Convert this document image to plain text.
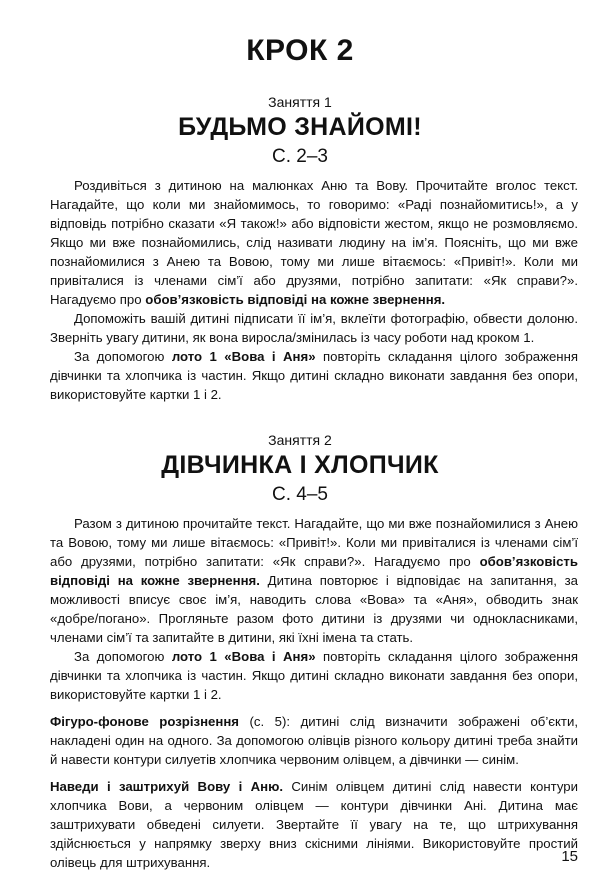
КРОК 2
Заняття 1
БУДЬМО ЗНАЙОМІ!
С. 2–3

Роздивіться з дитиною на малюнках Аню та Вову. Прочитайте вголос текст. Нагадайте, що коли ми знайомимось, то говоримо: «Раді познайомитись!», а у відповідь потрібно сказати «Я також!» або відповісти жестом, якщо не розмовляємо. Якщо ми вже познайомились, слід називати людину на ім’я. Поясніть, що ми вже познайомилися з Анею та Вовою, тому ми лише вітаємось: «Привіт!». Коли ми привіталися із членами сім’ї або друзями, потрібно запитати: «Як справи?». Нагадуємо про обов’язковість відповіді на кожне звернення.

Допоможіть вашій дитині підписати її ім’я, вклеїти фотографію, обвести долоню. Зверніть увагу дитини, як вона виросла/змінилась із часу роботи над кроком 1.

За допомогою лото 1 «Вова і Аня» повторіть складання цілого зображення дівчинки та хлопчика із частин. Якщо дитині складно виконати завдання без опори, використовуйте картки 1 і 2.

Заняття 2
ДІВЧИНКА І ХЛОПЧИК
С. 4–5

Разом з дитиною прочитайте текст. Нагадайте, що ми вже познайомилися з Анею та Вовою, тому ми лише вітаємось: «Привіт!». Коли ми привіталися із членами сім’ї або друзями, потрібно запитати: «Як справи?». Нагадуємо про обов’язковість відповіді на кожне звернення. Дитина повторює і відповідає на запитання, за можливості вписує своє ім’я, наводить слова «Вова» та «Аня», обводить знак «добре/погано». Прогляньте разом фото дитини із друзями чи однокласниками, членами сім’ї та запитайте в дитини, які їхні імена та стать.

За допомогою лото 1 «Вова і Аня» повторіть складання цілого зображення дівчинки та хлопчика із частин. Якщо дитині складно виконати завдання без опори, використовуйте картки 1 і 2.

Фігуро-фонове розрізнення (с. 5): дитині слід визначити зображені об’єкти, накладені один на одного. За допомогою олівців різного кольору дитині треба знайти й навести контури силуетів хлопчика червоним олівцем, а дівчинки — синім.

Наведи і заштрихуй Вову і Аню. Синім олівцем дитині слід навести контури хлопчика Вови, а червоним олівцем — контури дівчинки Ані. Дитина має заштрихувати обведені силуети. Звертайте її увагу на те, що штрихування здійснюється у напрямку зверху вниз скісними лініями. Використовуйте простий олівець для штрихування.	15
